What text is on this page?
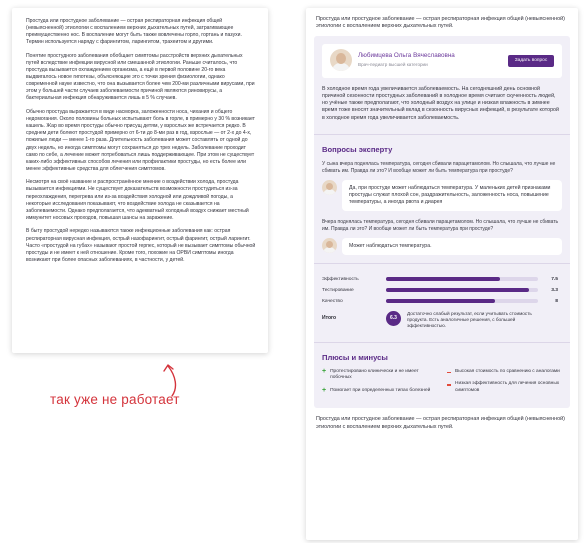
Простуда или простудное заболевание — острая респираторная инфекция общей (невыясненной) этиологии с воспалением верхних дыхательных путей, затрагивающее преимущественно нос. В воспаление могут быть также вовлечены горло, гортань и пазухи. Термин используется наряду с фарингитом, ларингитом, трахеитом и другими.

Понятие простудного заболевания обобщает симптомы расстройств верхних дыхательных путей вследствие инфекции вирусной или смешанной этиологии. Раньше считалось, что простуда вызывается охлаждением организма, а ещё в первой половине 20-го века выдвигалось новое гипотезы, объясняющие это с точки зрения физиологии, однако современной науке известно, что она вызывается более чем 200-ми различными вирусами, при этом у большей части случаев заболеваемости причиной являются риновирусы, а бактериальная инфекция обнаруживается лишь в 5 % случаев.

Обычно простуда выражается в виде насморка, заложенности носа, чихания и общего недомогания. Около половины больных испытывают боль в горле, в примерно у 30 % возникает кашель. Жар во время простуды обычно присущ детям, у взрослых же встречается редко. В среднем дети болеют простудой примерно от 6-ти до 8-ми раз в год, взрослые — от 2-х до 4-х, пожилые люди — менее 1-го раза. Длительность заболевания может составлять от одной до двух недель, но иногда симптомы могут сохраняться до трех недель. Заболевание проходит само по себе, а лечение может потребоваться лишь поддерживающее. При этом не существует каких-либо эффективных способов лечения или профилактики простуды, но есть более или менее эффективные средства для облегчения симптомов.

Несмотря на своё название и распространённое мнение о воздействии холода, простуда вызывается инфекциями. Не существует доказательств возможности простудиться из-за переохлаждения, перегрева или из-за воздействия холодной или дождливой погоды, а некоторые исследования показывают, что воздействие холода не сказывается на заболеваемости. Однако предполагается, что адекватный холодный воздух снижает местный иммунитет носовых проходов, повышая шансы на заражение.

В быту простудой нередко называются также инфекционные заболевания как: острая респираторная вирусная инфекция, острый назофарингит, острый фарингит, острый ларингит. Часто «простудой на губах» называют простой герпес, который не вызывает симптомы обычной простуды и не имеет к ней отношение. Кроме того, похожие на ОРВИ симптомы иногда возникают при более опасных заболеваниях, в частности, у детей.

так уже не работает

Простуда или простудное заболевание — острая респираторная инфекция общей (невыясненной) этиологии с воспалением верхних дыхательных путей.

Любимцева Ольга Вячеславовна
Врач-педиатр высшей категории
Задать вопрос

В холодное время года увеличивается заболеваемость. На сегодняшний день основной причиной сезонности простудных заболеваний в холодное время считают скученность людей, но учёные также предполагают, что холодный воздух на улице и низкая влажность в зимнее время тоже вносят значительный вклад в сезонность вирусных инфекций, в результате которой в холодное время года увеличивается заболеваемость.

Вопросы эксперту

У сына вчера поднялась температура, сегодня сбивали парацетамолом. Но слышала, что лучше не сбивать им. Правда ли это? И вообще может ли быть температура при простуде?

Да, при простуде может наблюдаться температура. У маленьких детей признаками простуды служат плохой сон, раздражительность, заложенность носа, повышение температуры, а иногда рвота и диарея

Вчера поднялась температура, сегодня сбивали парацетамолом. Но слышала, что лучше не сбивать им. Правда ли это? И вообще может ли быть температура при простуде?

Может наблюдаться температура.
Эффективность	7.5
Тестирование	3.3
Качество	8
Итого	6.3
Достаточно слабый результат, если учитывать стоимость продукта. Есть аналогичные решения, с большей эффективностью.
Плюсы и минусы
+ Протестировано клинически и не имеет побочных
+ Помогает при определенных типах болезней
Высокая стоимость по сравнению с аналогами
Низкая эффективность для лечения основных симптомов

Простуда или простудное заболевание — острая респираторная инфекция общей (невыясненной) этиологии с воспалением верхних дыхательных путей.
